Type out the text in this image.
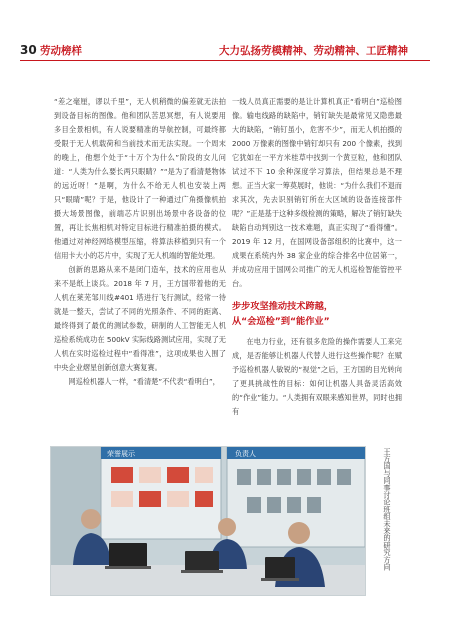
30 劳动榜样	大力弘扬劳模精神、劳动精神、工匠精神

“差之毫厘，谬以千里”，无人机稍微的偏差就无法拍到设备目标的图像。他和团队苦思冥想，有人说要用多目全景相机，有人说要精准的导航控制，可最终都受限于无人机载荷和当前技术而无法实现。一个周末的晚上，他想个处于“十万个为什么”阶段的女儿问道：“人类为什么要长两只眼睛？”“是为了看清楚物体的远近呀！”是啊，为什么不给无人机也安装上两只“眼睛”呢？于是，他设计了一种通过广角摄像机拍摄大场景图像，前端芯片识别出场景中各设备的位置，再让长焦相机对特定目标进行精准拍摄的模式。他通过对神经网络模型压缩，将算法移植到只有一个信用卡大小的芯片中，实现了无人机端的智能处理。

创新的思路从来不是闭门造车，技术的应用也从来不是纸上谈兵。2018 年 7 月，王方国带着他的无人机在莱芜邹川线#401 塔进行飞行测试，经常一待就是一整天，尝试了不同的光照条件、不同的距离、最终得到了最优的测试参数，研制的人工智能无人机巡检系统成功在 500kV 实际线路测试应用，实现了无人机在实时巡检过程中“看得准”，这项成果也入围了中央企业熠星创新创意大赛复赛。

网巡检机器人一样，“看清楚”不代表“看明白”，

一线人员真正需要的是让计算机真正“看明白”巡检图像。输电线路的缺陷中，销钉缺失是最常见又隐患最大的缺陷，“销钉虽小，危害不少”，而无人机拍摄的 2000 万像素的图像中销钉却只有 200 个像素，找到它犹如在一平方米桂草中找到一个黄豆粒，他和团队试过不下 10 余种深度学习算法，但结果总是不理想。正当大家一筹莫展时，他说：“为什么我们不退而求其次，先去识别销钉所在大区域的设备连接部件呢？”正是基于这种多级检测的策略，解决了销钉缺失缺陷自动判别这一技术难题，真正实现了“看得懂”。2019 年 12 月，在国网设备部组织的比赛中，这一成果在系统内外 38 家企业的综合排名中位居第一，并成功应用于国网公司推广的无人机巡检智能管控平台。

步步攻坚推动技术跨越，
从“会巡检”到“能作业”

在电力行业，还有很多危险的操作需要人工来完成，是否能够让机器人代替人进行这些操作呢？在赋予巡检机器人敏锐的“视觉”之后，王方国的目光转向了更具挑战性的目标：如何让机器人具备灵活高效的“作业”能力。“人类拥有双眼来感知世界，同时也拥有

荣誉展示	负责人	王方国与同事讨论班组未来的研究方向
